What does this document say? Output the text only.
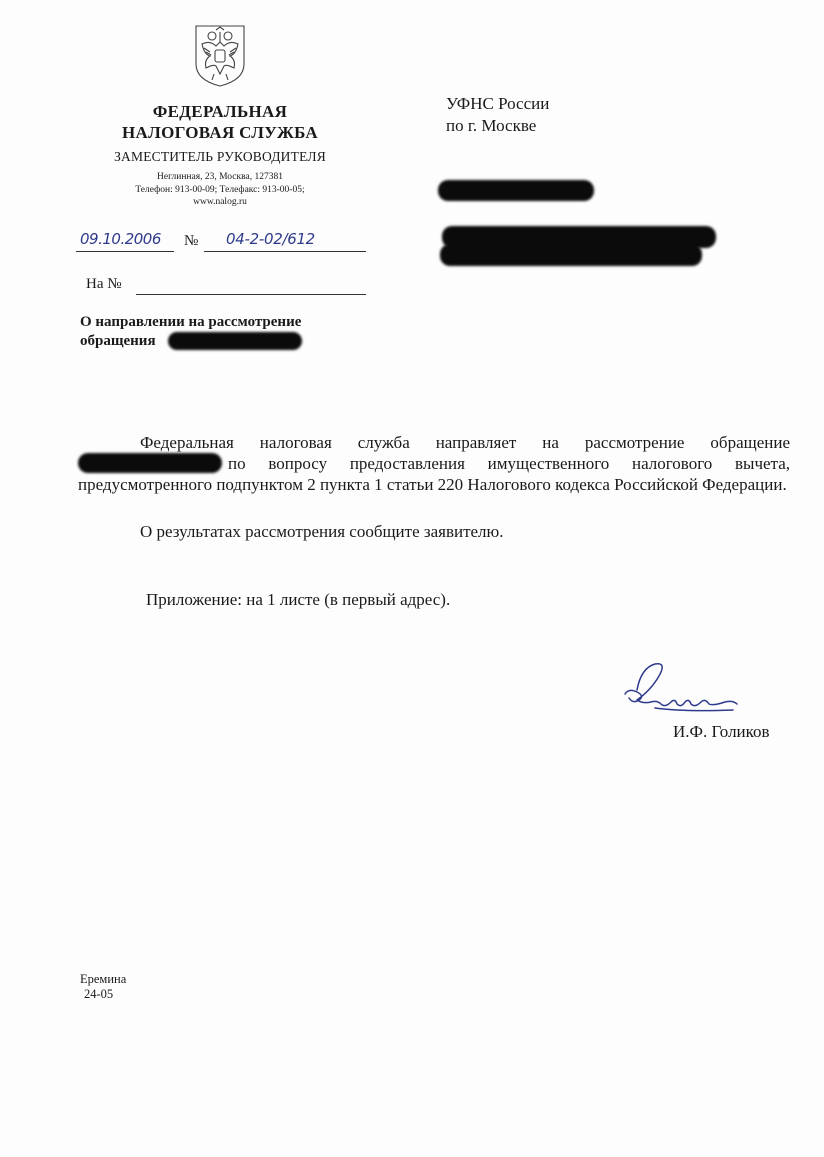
ФЕДЕРАЛЬНАЯ
НАЛОГОВАЯ СЛУЖБА
ЗАМЕСТИТЕЛЬ РУКОВОДИТЕЛЯ
Неглинная, 23, Москва, 127381
Телефон: 913-00-09; Телефакс: 913-00-05;
www.nalog.ru
09.10.2006 № 04-2-02/612
На №
О направлении на рассмотрение
обращения
УФНС России
по г. Москве
Федеральная налоговая служба направляет на рассмотрение обращение по вопросу предоставления имущественного налогового вычета, предусмотренного подпунктом 2 пункта 1 статьи 220 Налогового кодекса Российской Федерации.
О результатах рассмотрения сообщите заявителю.
Приложение: на 1 листе (в первый адрес).
И.Ф. Голиков
Еремина
24-05
